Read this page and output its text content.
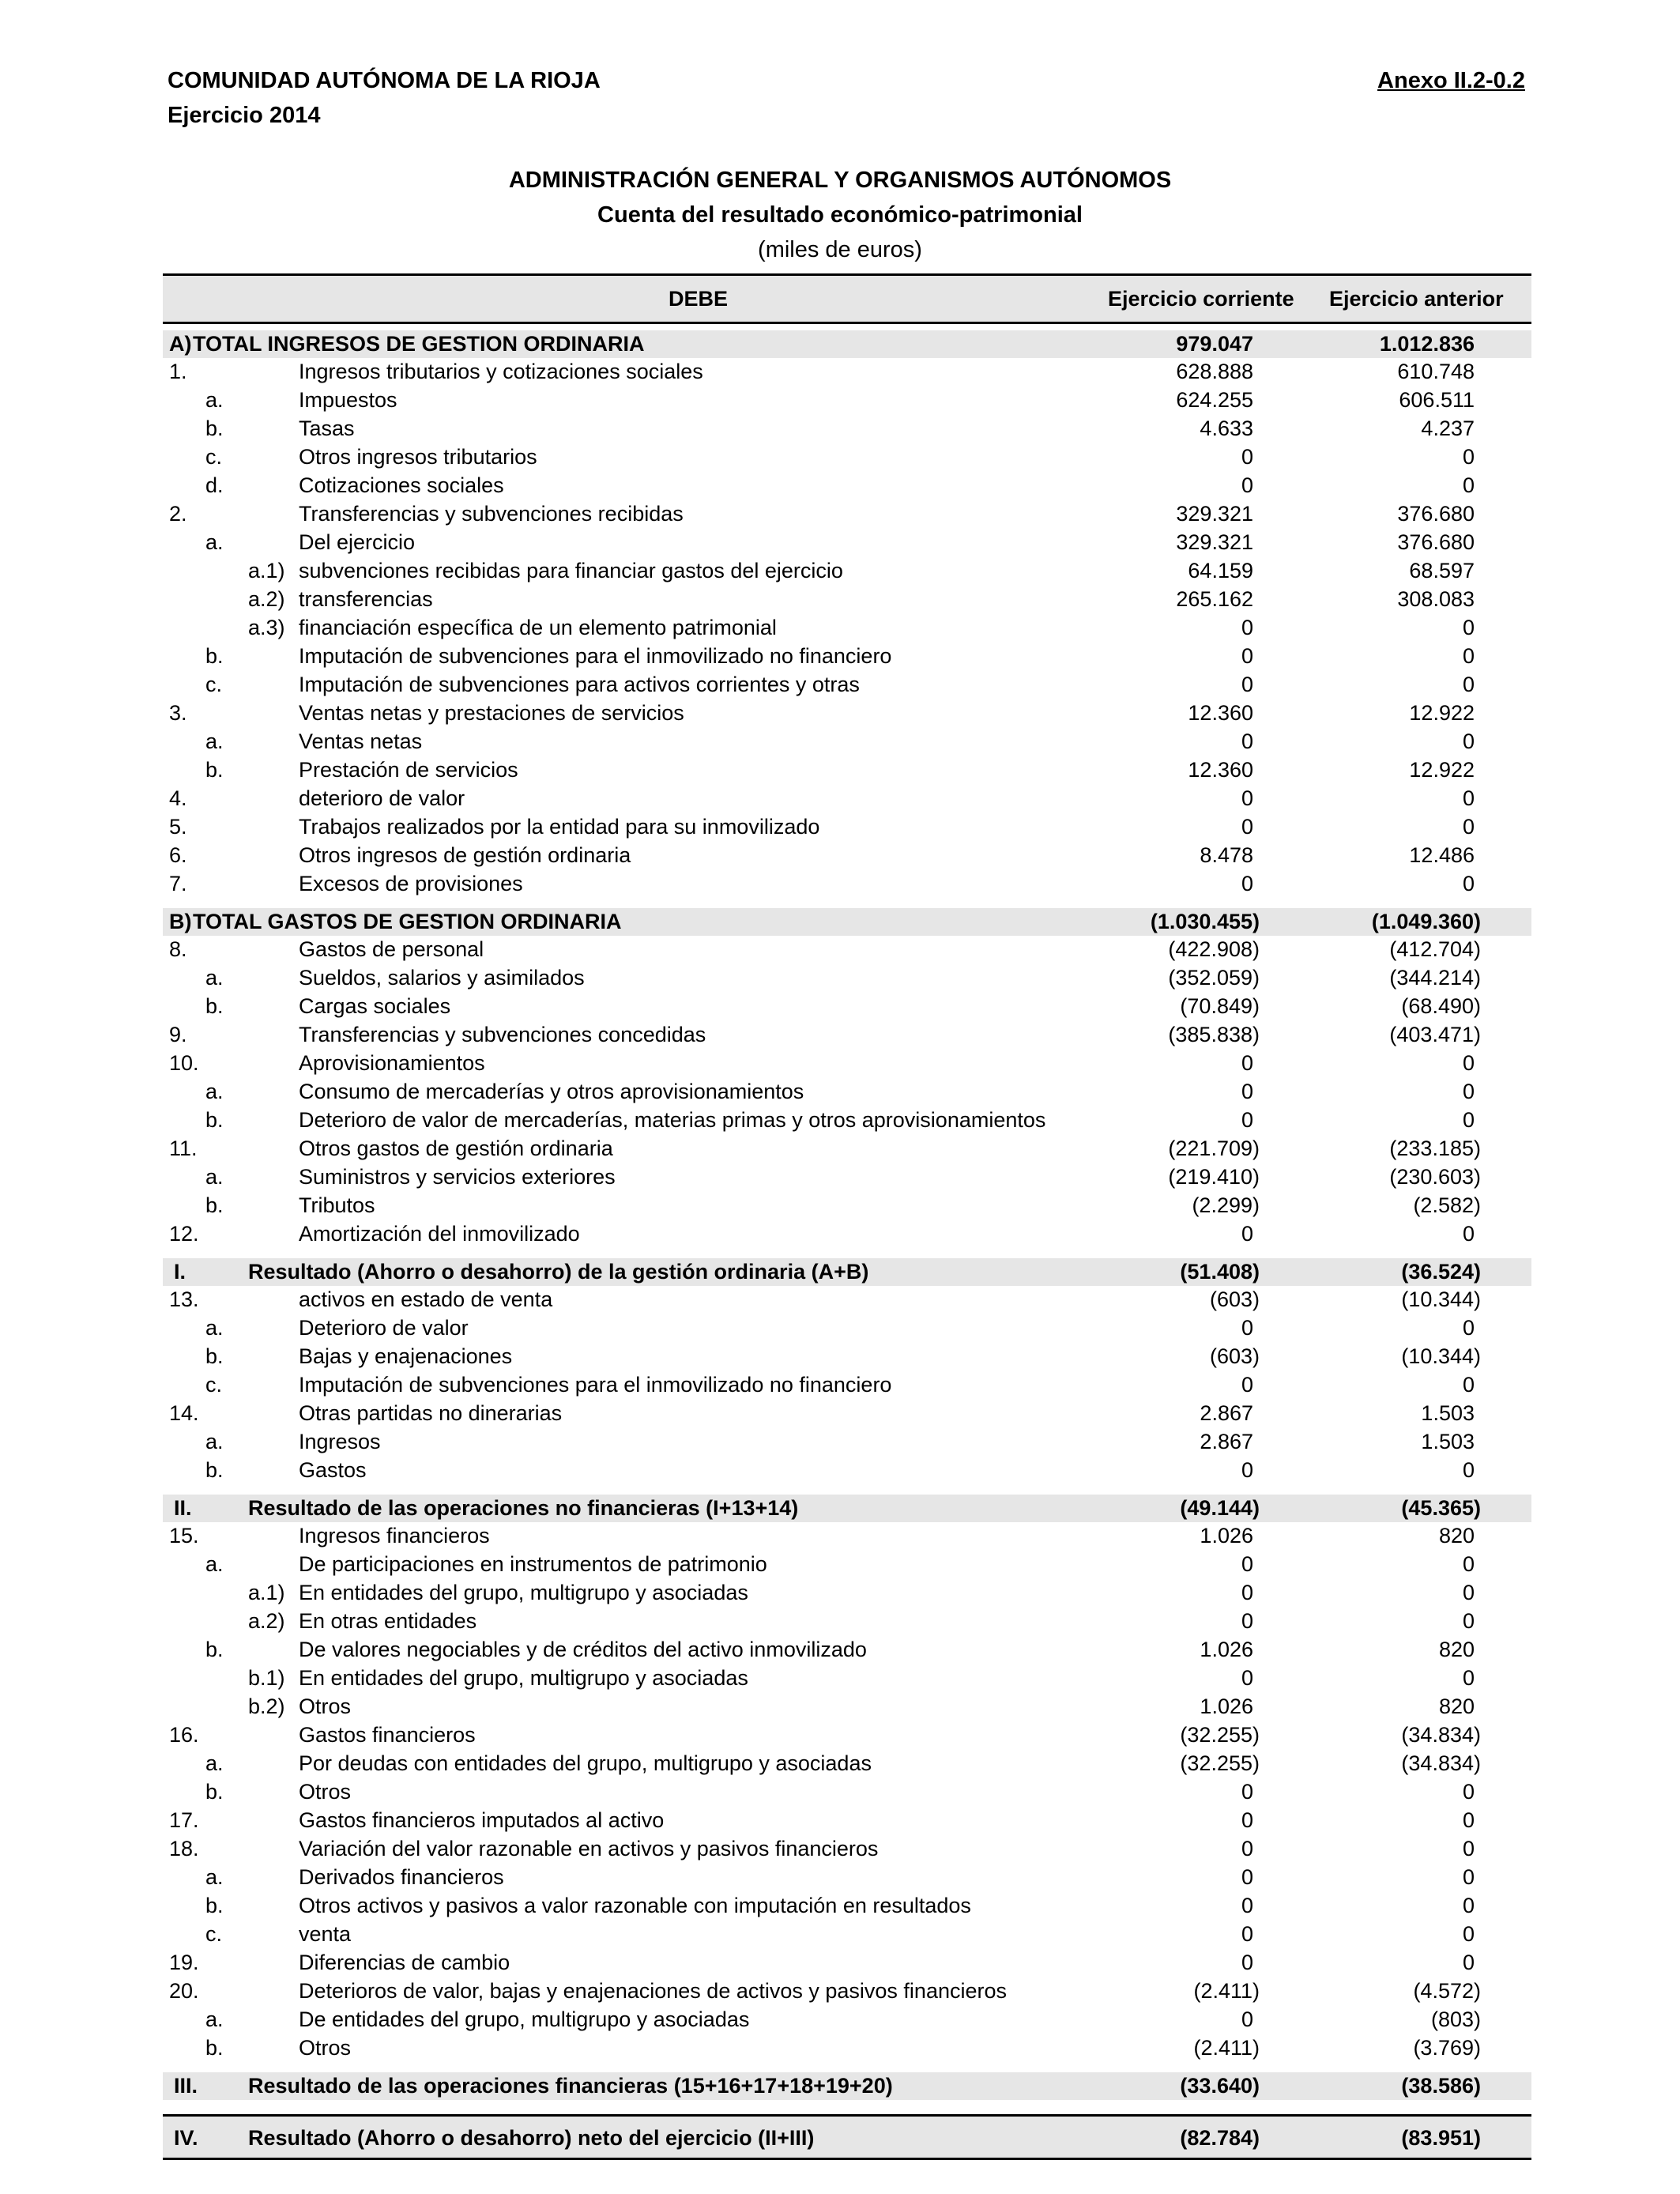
COMUNIDAD AUTÓNOMA DE LA RIOJA
Ejercicio 2014
Anexo II.2-0.2
ADMINISTRACIÓN GENERAL Y ORGANISMOS AUTÓNOMOS
Cuenta del resultado económico-patrimonial
(miles de euros)
DEBE	Ejercicio corriente Ejercicio anterior
A) TOTAL INGRESOS DE GESTION ORDINARIA	979.047	1.012.836
1.	Ingresos tributarios y cotizaciones sociales	628.888	610.748
a.	Impuestos	624.255	606.511
b.	Tasas	4.633	4.237
c.	Otros ingresos tributarios	0	0
d.	Cotizaciones sociales	0	0
2.	Transferencias y subvenciones recibidas	329.321	376.680
a.	Del ejercicio	329.321	376.680
a.1) subvenciones recibidas para financiar gastos del ejercicio	64.159	68.597
a.2) transferencias	265.162	308.083
a.3) financiación específica de un elemento patrimonial	0	0
b.	Imputación de subvenciones para el inmovilizado no financiero	0	0
c.	Imputación de subvenciones para activos corrientes y otras	0	0
3.	Ventas netas y prestaciones de servicios	12.360	12.922
a.	Ventas netas	0	0
b.	Prestación de servicios	12.360	12.922
4.	deterioro de valor	0	0
5.	Trabajos realizados por la entidad para su inmovilizado	0	0
6.	Otros ingresos de gestión ordinaria	8.478	12.486
7.	Excesos de provisiones	0	0
B) TOTAL GASTOS DE GESTION ORDINARIA	(1.030.455)	(1.049.360)
8.	Gastos de personal	(422.908)	(412.704)
a.	Sueldos, salarios y asimilados	(352.059)	(344.214)
b.	Cargas sociales	(70.849)	(68.490)
9.	Transferencias y subvenciones concedidas	(385.838)	(403.471)
10.	Aprovisionamientos	0	0
a.	Consumo de mercaderías y otros aprovisionamientos	0	0
b.	Deterioro de valor de mercaderías, materias primas y otros aprovisionamientos	0	0
11.	Otros gastos de gestión ordinaria	(221.709)	(233.185)
a.	Suministros y servicios exteriores	(219.410)	(230.603)
b.	Tributos	(2.299)	(2.582)
12.	Amortización del inmovilizado	0	0
I.	Resultado (Ahorro o desahorro) de la gestión ordinaria (A+B)	(51.408)	(36.524)
13.	activos en estado de venta	(603)	(10.344)
a.	Deterioro de valor	0	0
b.	Bajas y enajenaciones	(603)	(10.344)
c.	Imputación de subvenciones para el inmovilizado no financiero	0	0
14.	Otras partidas no dinerarias	2.867	1.503
a.	Ingresos	2.867	1.503
b.	Gastos	0	0
II.	Resultado de las operaciones no financieras (I+13+14)	(49.144)	(45.365)
15.	Ingresos financieros	1.026	820
a.	De participaciones en instrumentos de patrimonio	0	0
a.1) En entidades del grupo, multigrupo y asociadas	0	0
a.2) En otras entidades	0	0
b.	De valores negociables y de créditos del activo inmovilizado	1.026	820
b.1) En entidades del grupo, multigrupo y asociadas	0	0
b.2) Otros	1.026	820
16.	Gastos financieros	(32.255)	(34.834)
a.	Por deudas con entidades del grupo, multigrupo y asociadas	(32.255)	(34.834)
b.	Otros	0	0
17.	Gastos financieros imputados al activo	0	0
18.	Variación del valor razonable en activos y pasivos financieros	0	0
a.	Derivados financieros	0	0
b.	Otros activos y pasivos a valor razonable con imputación en resultados	0	0
c.	venta	0	0
19.	Diferencias de cambio	0	0
20.	Deterioros de valor, bajas y enajenaciones de activos y pasivos financieros	(2.411)	(4.572)
a.	De entidades del grupo, multigrupo y asociadas	0	(803)
b.	Otros	(2.411)	(3.769)
III. Resultado de las operaciones financieras (15+16+17+18+19+20)	(33.640)	(38.586)
IV. Resultado (Ahorro o desahorro) neto del ejercicio (II+III)	(82.784)	(83.951)
